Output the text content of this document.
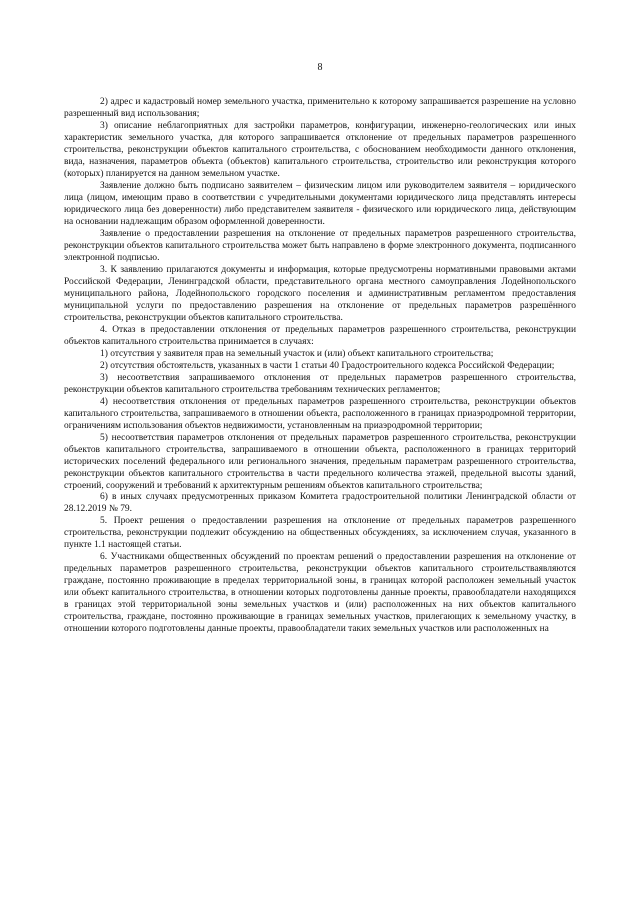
8

2) адрес и кадастровый номер земельного участка, применительно к которому запрашивается разрешение на условно разрешенный вид использования;

3) описание неблагоприятных для застройки параметров, конфигурации, инженерно-геологических или иных характеристик земельного участка, для которого запрашивается отклонение от предельных параметров разрешенного строительства, реконструкции объектов капитального строительства, с обоснованием необходимости данного отклонения, вида, назначения, параметров объекта (объектов) капитального строительства, строительство или реконструкция которого (которых) планируется на данном земельном участке.

Заявление должно быть подписано заявителем – физическим лицом или руководителем заявителя – юридического лица (лицом, имеющим право в соответствии с учредительными документами юридического лица представлять интересы юридического лица без доверенности) либо представителем заявителя - физического или юридического лица, действующим на основании надлежащим образом оформленной доверенности.

Заявление о предоставлении разрешения на отклонение от предельных параметров разрешенного строительства, реконструкции объектов капитального строительства может быть направлено в форме электронного документа, подписанного электронной подписью.

3. К заявлению прилагаются документы и информация, которые предусмотрены нормативными правовыми актами Российской Федерации, Ленинградской области, представительного органа местного самоуправления Лодейнопольского муниципального района, Лодейнопольского городского поселения и административным регламентом предоставления муниципальной услуги по предоставлению разрешения на отклонение от предельных параметров разрешённого строительства, реконструкции объектов капитального строительства.

4. Отказ в предоставлении отклонения от предельных параметров разрешенного строительства, реконструкции объектов капитального строительства принимается в случаях:

1) отсутствия у заявителя прав на земельный участок и (или) объект капитального строительства;

2) отсутствия обстоятельств, указанных в части 1 статьи 40 Градостроительного кодекса Российской Федерации;

3) несоответствия запрашиваемого отклонения от предельных параметров разрешенного строительства, реконструкции объектов капитального строительства требованиям технических регламентов;

4) несоответствия отклонения от предельных параметров разрешенного строительства, реконструкции объектов капитального строительства, запрашиваемого в отношении объекта, расположенного в границах приаэродромной территории, ограничениям использования объектов недвижимости, установленным на приаэродромной территории;

5) несоответствия параметров отклонения от предельных параметров разрешенного строительства, реконструкции объектов капитального строительства, запрашиваемого в отношении объекта, расположенного в границах территорий исторических поселений федерального или регионального значения, предельным параметрам разрешенного строительства, реконструкции объектов капитального строительства в части предельного количества этажей, предельной высоты зданий, строений, сооружений и требований к архитектурным решениям объектов капитального строительства;

6) в иных случаях предусмотренных приказом Комитета градостроительной политики Ленинградской области от 28.12.2019 № 79.

5. Проект решения о предоставлении разрешения на отклонение от предельных параметров разрешенного строительства, реконструкции подлежит обсуждению на общественных обсуждениях, за исключением случая, указанного в пункте 1.1 настоящей статьи.

6. Участниками общественных обсуждений по проектам решений о предоставлении разрешения на отклонение от предельных параметров разрешенного строительства, реконструкции объектов капитального строительстваявляются граждане, постоянно проживающие в пределах территориальной зоны, в границах которой расположен земельный участок или объект капитального строительства, в отношении которых подготовлены данные проекты, правообладатели находящихся в границах этой территориальной зоны земельных участков и (или) расположенных на них объектов капитального строительства, граждане, постоянно проживающие в границах земельных участков, прилегающих к земельному участку, в отношении которого подготовлены данные проекты, правообладатели таких земельных участков или расположенных на
